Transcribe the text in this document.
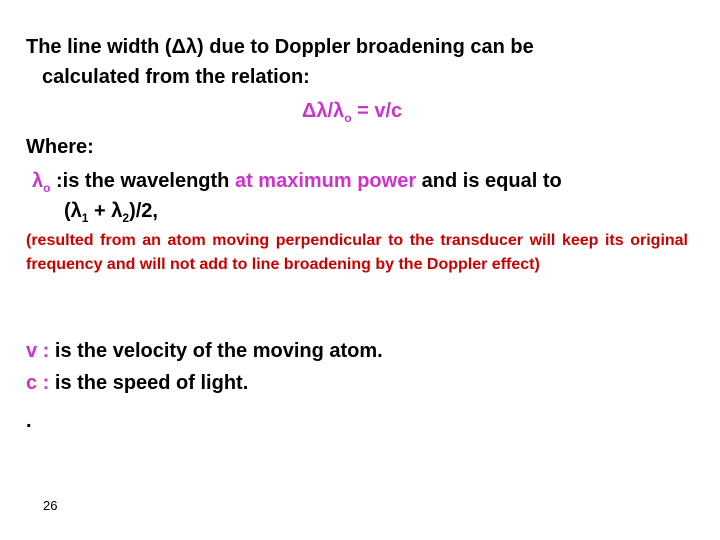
The line width (Δλ) due to Doppler broadening can be
calculated from the relation:
$\Delta\lambda/\lambda_o = v/c$
Where:
$\lambda_o$ :is the wavelength at maximum power and is equal to
$(\lambda_1 + \lambda_2)/2$,
(resulted from an atom moving perpendicular to the transducer will keep its original frequency and will not add to line broadening by the Doppler effect)
v : is the velocity of the moving atom.
c : is the speed of light.
.
26
